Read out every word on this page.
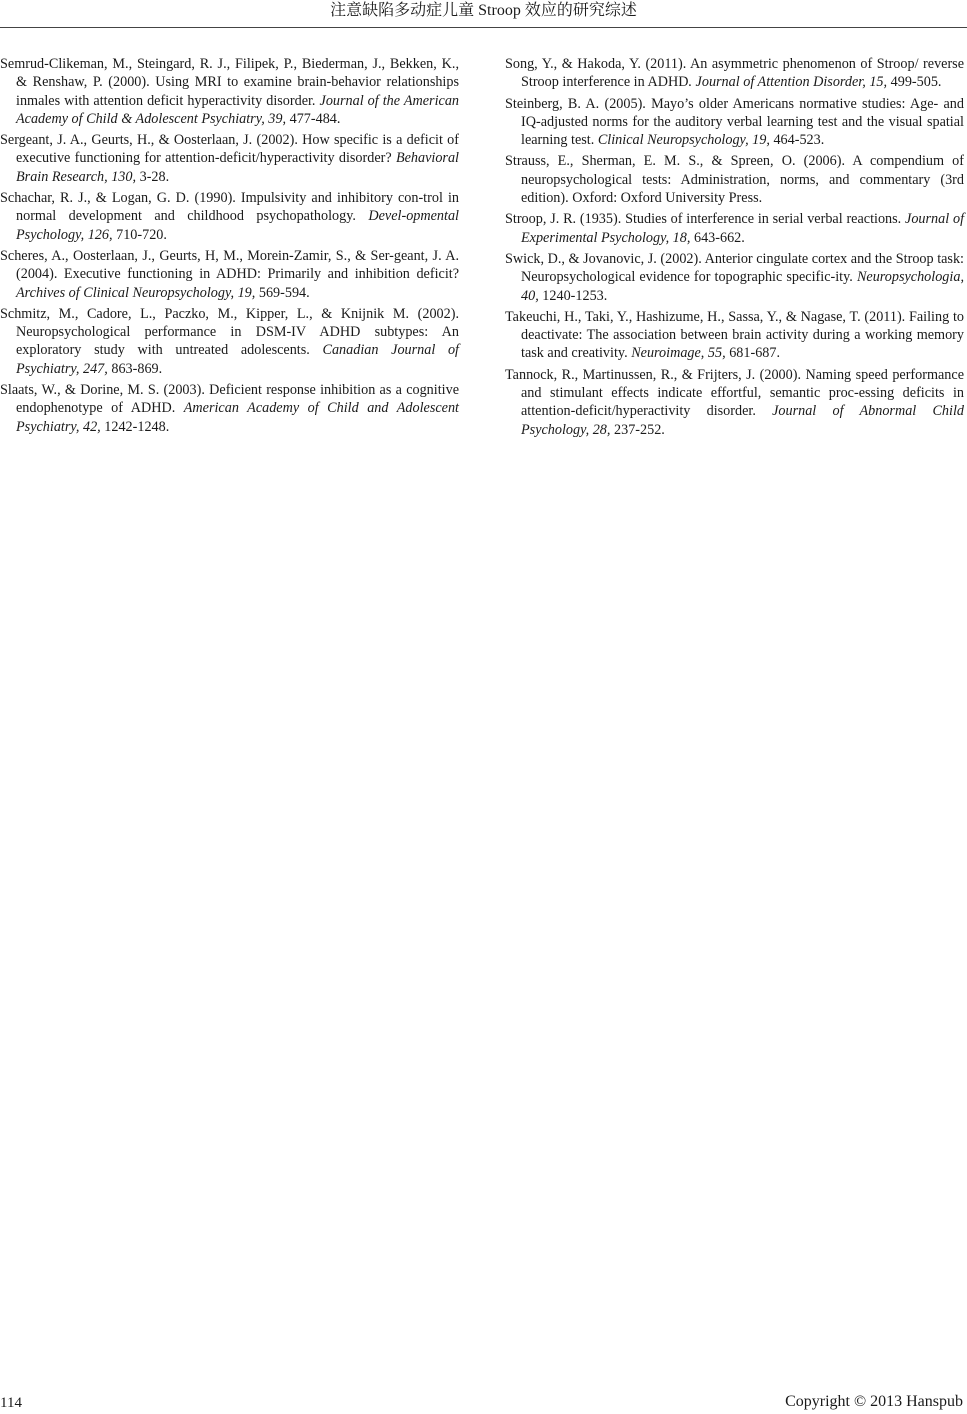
注意缺陷多动症儿童 Stroop 效应的研究综述

Semrud-Clikeman, M., Steingard, R. J., Filipek, P., Biederman, J., Bekken, K., & Renshaw, P. (2000). Using MRI to examine brain-behavior relationships inmales with attention deficit hyperactivity disorder. Journal of the American Academy of Child & Adolescent Psychiatry, 39, 477-484.

Sergeant, J. A., Geurts, H., & Oosterlaan, J. (2002). How specific is a deficit of executive functioning for attention-deficit/hyperactivity disorder? Behavioral Brain Research, 130, 3-28.

Schachar, R. J., & Logan, G. D. (1990). Impulsivity and inhibitory con-trol in normal development and childhood psychopathology. Devel-opmental Psychology, 126, 710-720.

Scheres, A., Oosterlaan, J., Geurts, H, M., Morein-Zamir, S., & Ser-geant, J. A. (2004). Executive functioning in ADHD: Primarily and inhibition deficit? Archives of Clinical Neuropsychology, 19, 569-594.

Schmitz, M., Cadore, L., Paczko, M., Kipper, L., & Knijnik M. (2002). Neuropsychological performance in DSM-IV ADHD subtypes: An exploratory study with untreated adolescents. Canadian Journal of Psychiatry, 247, 863-869.

Slaats, W., & Dorine, M. S. (2003). Deficient response inhibition as a cognitive endophenotype of ADHD. American Academy of Child and Adolescent Psychiatry, 42, 1242-1248.

Song, Y., & Hakoda, Y. (2011). An asymmetric phenomenon of Stroop/ reverse Stroop interference in ADHD. Journal of Attention Disorder, 15, 499-505.

Steinberg, B. A. (2005). Mayo’s older Americans normative studies: Age- and IQ-adjusted norms for the auditory verbal learning test and the visual spatial learning test. Clinical Neuropsychology, 19, 464-523.

Strauss, E., Sherman, E. M. S., & Spreen, O. (2006). A compendium of neuropsychological tests: Administration, norms, and commentary (3rd edition). Oxford: Oxford University Press.

Stroop, J. R. (1935). Studies of interference in serial verbal reactions. Journal of Experimental Psychology, 18, 643-662.

Swick, D., & Jovanovic, J. (2002). Anterior cingulate cortex and the Stroop task: Neuropsychological evidence for topographic specific-ity. Neuropsychologia, 40, 1240-1253.

Takeuchi, H., Taki, Y., Hashizume, H., Sassa, Y., & Nagase, T. (2011). Failing to deactivate: The association between brain activity during a working memory task and creativity. Neuroimage, 55, 681-687.

Tannock, R., Martinussen, R., & Frijters, J. (2000). Naming speed performance and stimulant effects indicate effortful, semantic proc-essing deficits in attention-deficit/hyperactivity disorder. Journal of Abnormal Child Psychology, 28, 237-252.

114	Copyright © 2013 Hanspub
